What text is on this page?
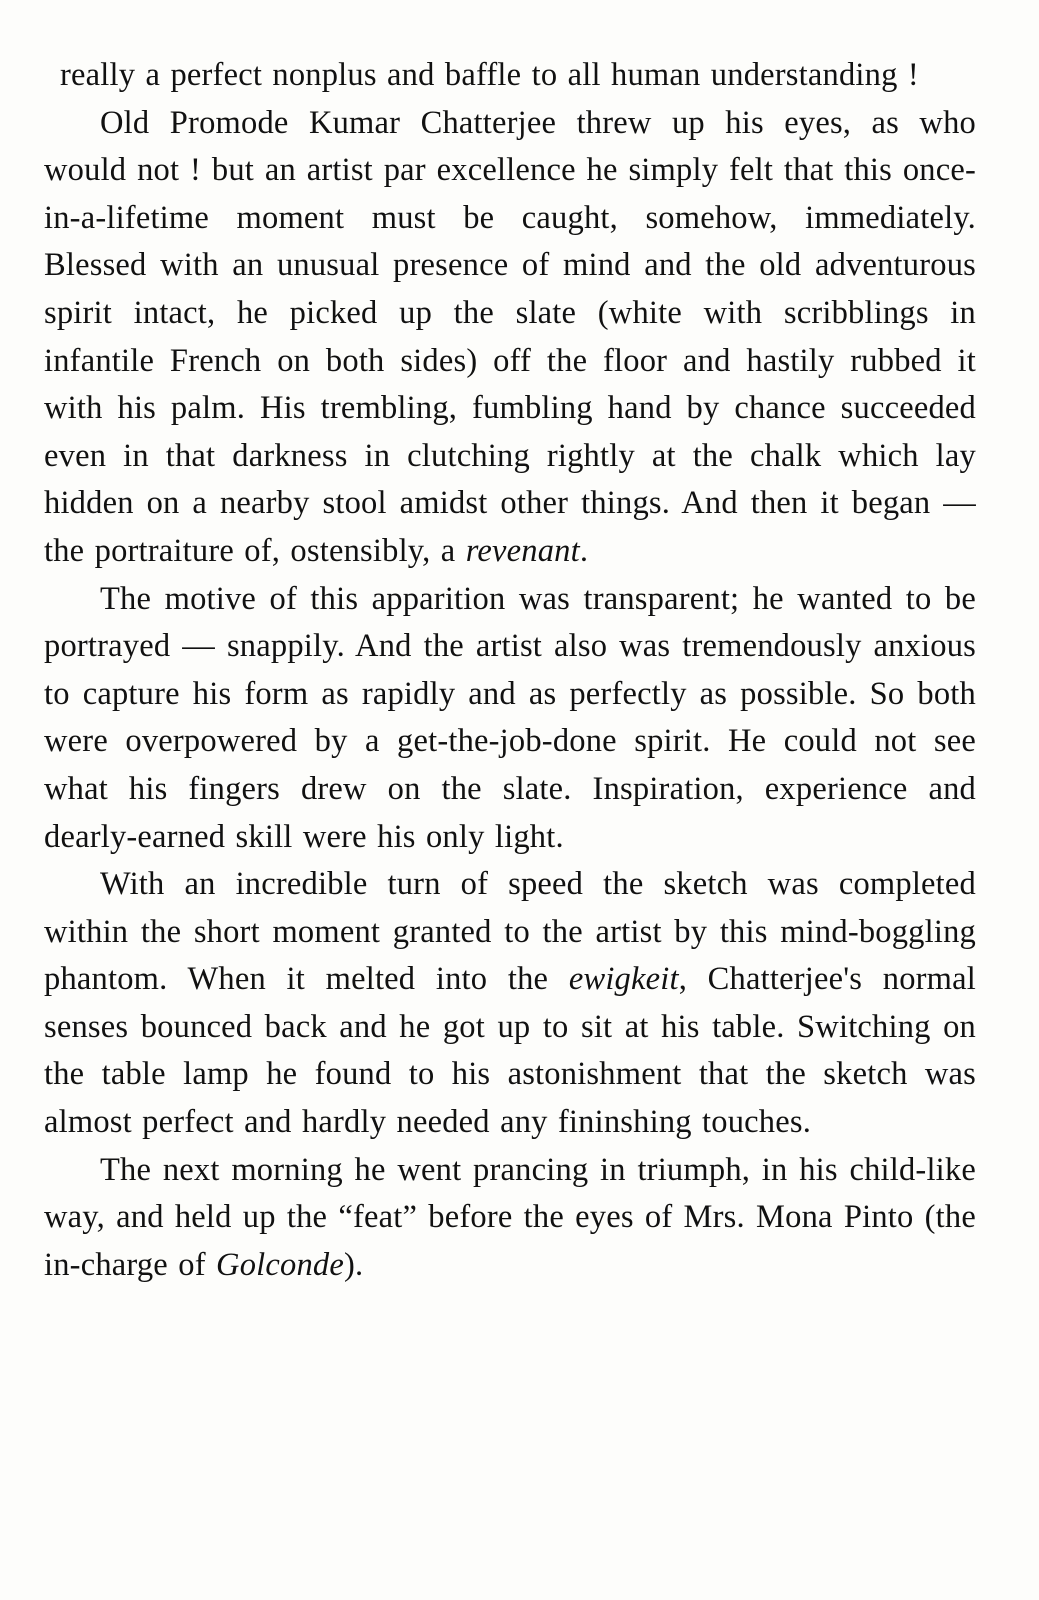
really a perfect nonplus and baffle to all human understanding !

Old Promode Kumar Chatterjee threw up his eyes, as who would not ! but an artist par excellence he simply felt that this once-in-a-lifetime moment must be caught, somehow, immediately. Blessed with an unusual presence of mind and the old adventurous spirit intact, he picked up the slate (white with scribblings in infantile French on both sides) off the floor and hastily rubbed it with his palm. His trembling, fumbling hand by chance succeeded even in that darkness in clutching rightly at the chalk which lay hidden on a nearby stool amidst other things. And then it began — the portraiture of, ostensibly, a revenant.

The motive of this apparition was transparent; he wanted to be portrayed — snappily. And the artist also was tremendously anxious to capture his form as rapidly and as perfectly as possible. So both were overpowered by a get-the-job-done spirit. He could not see what his fingers drew on the slate. Inspiration, experience and dearly-earned skill were his only light.

With an incredible turn of speed the sketch was completed within the short moment granted to the artist by this mind-boggling phantom. When it melted into the ewigkeit, Chatterjee's normal senses bounced back and he got up to sit at his table. Switching on the table lamp he found to his astonishment that the sketch was almost perfect and hardly needed any fininshing touches.

The next morning he went prancing in triumph, in his child-like way, and held up the “feat” before the eyes of Mrs. Mona Pinto (the in-charge of Golconde).
